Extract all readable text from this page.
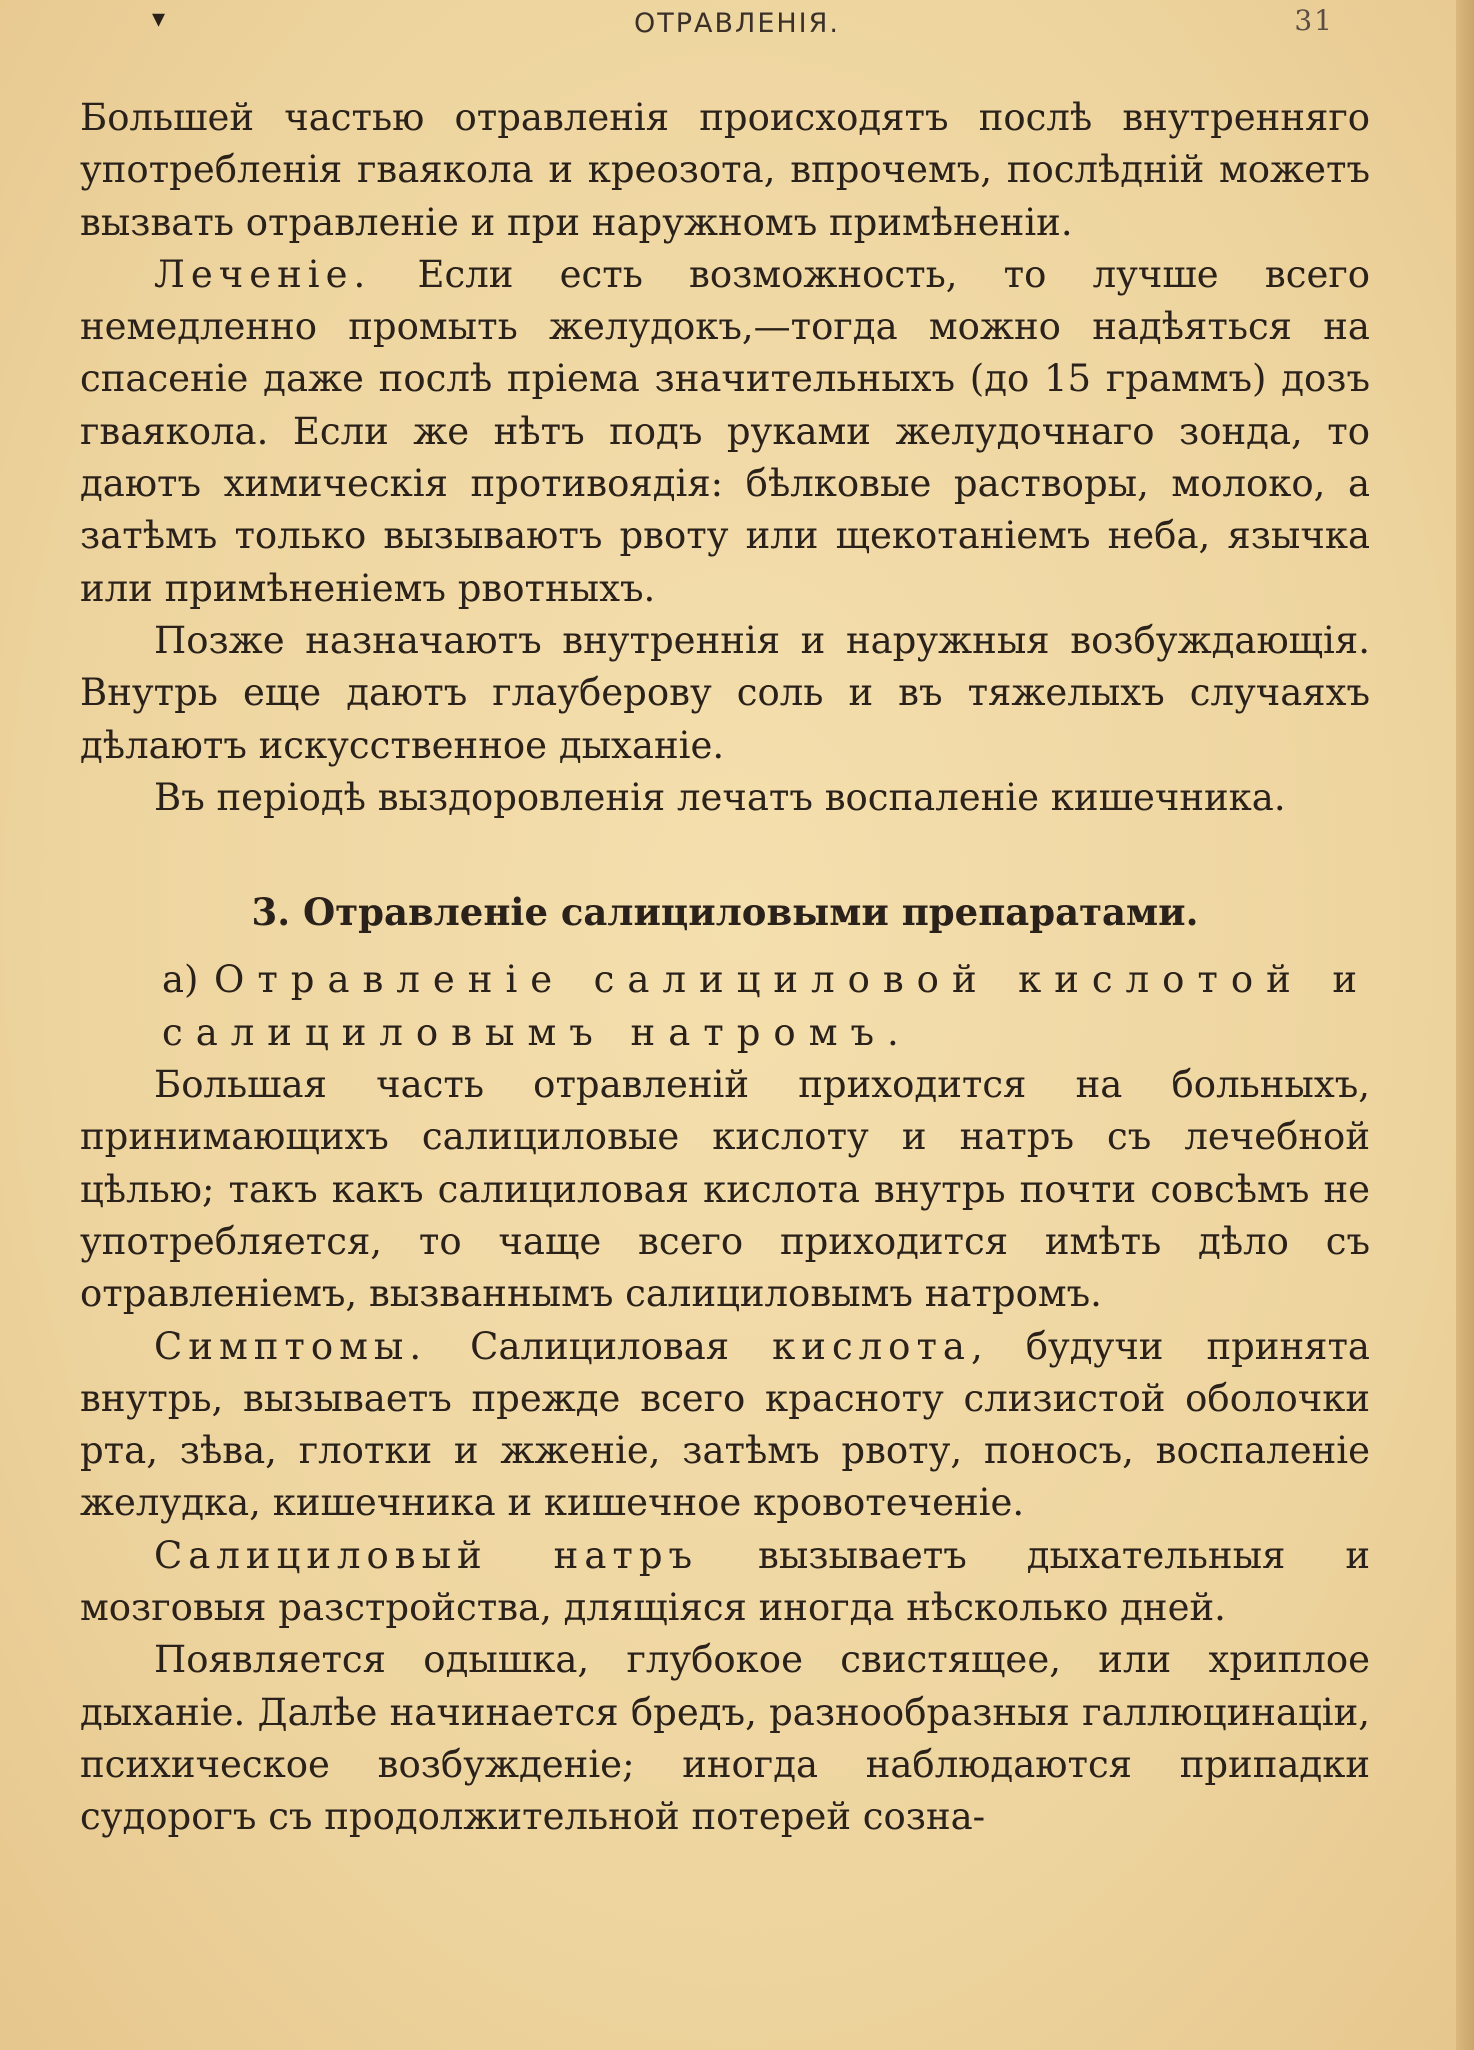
▾	ОТРАВЛЕНIЯ.	31

Большей частью отравленія происходятъ послѣ внутренняго употребленія гваякола и креозота, впрочемъ, послѣдній можетъ вызвать отравленіе и при наружномъ примѣненіи.

Леченіе. Если есть возможность, то лучше всего немедленно промыть желудокъ,—тогда можно надѣяться на спасеніе даже послѣ пріема значительныхъ (до 15 граммъ) дозъ гваякола. Если же нѣтъ подъ руками желудочнаго зонда, то даютъ химическія противоядія: бѣлковые растворы, молоко, а затѣмъ только вызываютъ рвоту или щекотаніемъ неба, язычка или примѣненіемъ рвотныхъ.

Позже назначаютъ внутреннія и наружныя возбуждающія. Внутрь еще даютъ глауберову соль и въ тяжелыхъ случаяхъ дѣлаютъ искусственное дыханіе.

Въ періодѣ выздоровленія лечатъ воспаленіе кишечника.

3. Отравленіе салициловыми препаратами.

а) Отравленіе салициловой кислотой и салициловымъ натромъ.

Большая часть отравленій приходится на больныхъ, принимающихъ салициловые кислоту и натръ съ лечебной цѣлью; такъ какъ салициловая кислота внутрь почти совсѣмъ не употребляется, то чаще всего приходится имѣть дѣло съ отравленіемъ, вызваннымъ салициловымъ натромъ.

Симптомы. Салициловая кислота, будучи принята внутрь, вызываетъ прежде всего красноту слизистой оболочки рта, зѣва, глотки и жженіе, затѣмъ рвоту, поносъ, воспаленіе желудка, кишечника и кишечное кровотеченіе.

Салициловый натръ вызываетъ дыхательныя и мозговыя разстройства, длящіяся иногда нѣсколько дней.

Появляется одышка, глубокое свистящее, или хриплое дыханіе. Далѣе начинается бредъ, разнообразныя галлюцинаціи, психическое возбужденіе; иногда наблюдаются припадки судорогъ съ продолжительной потерей созна-
